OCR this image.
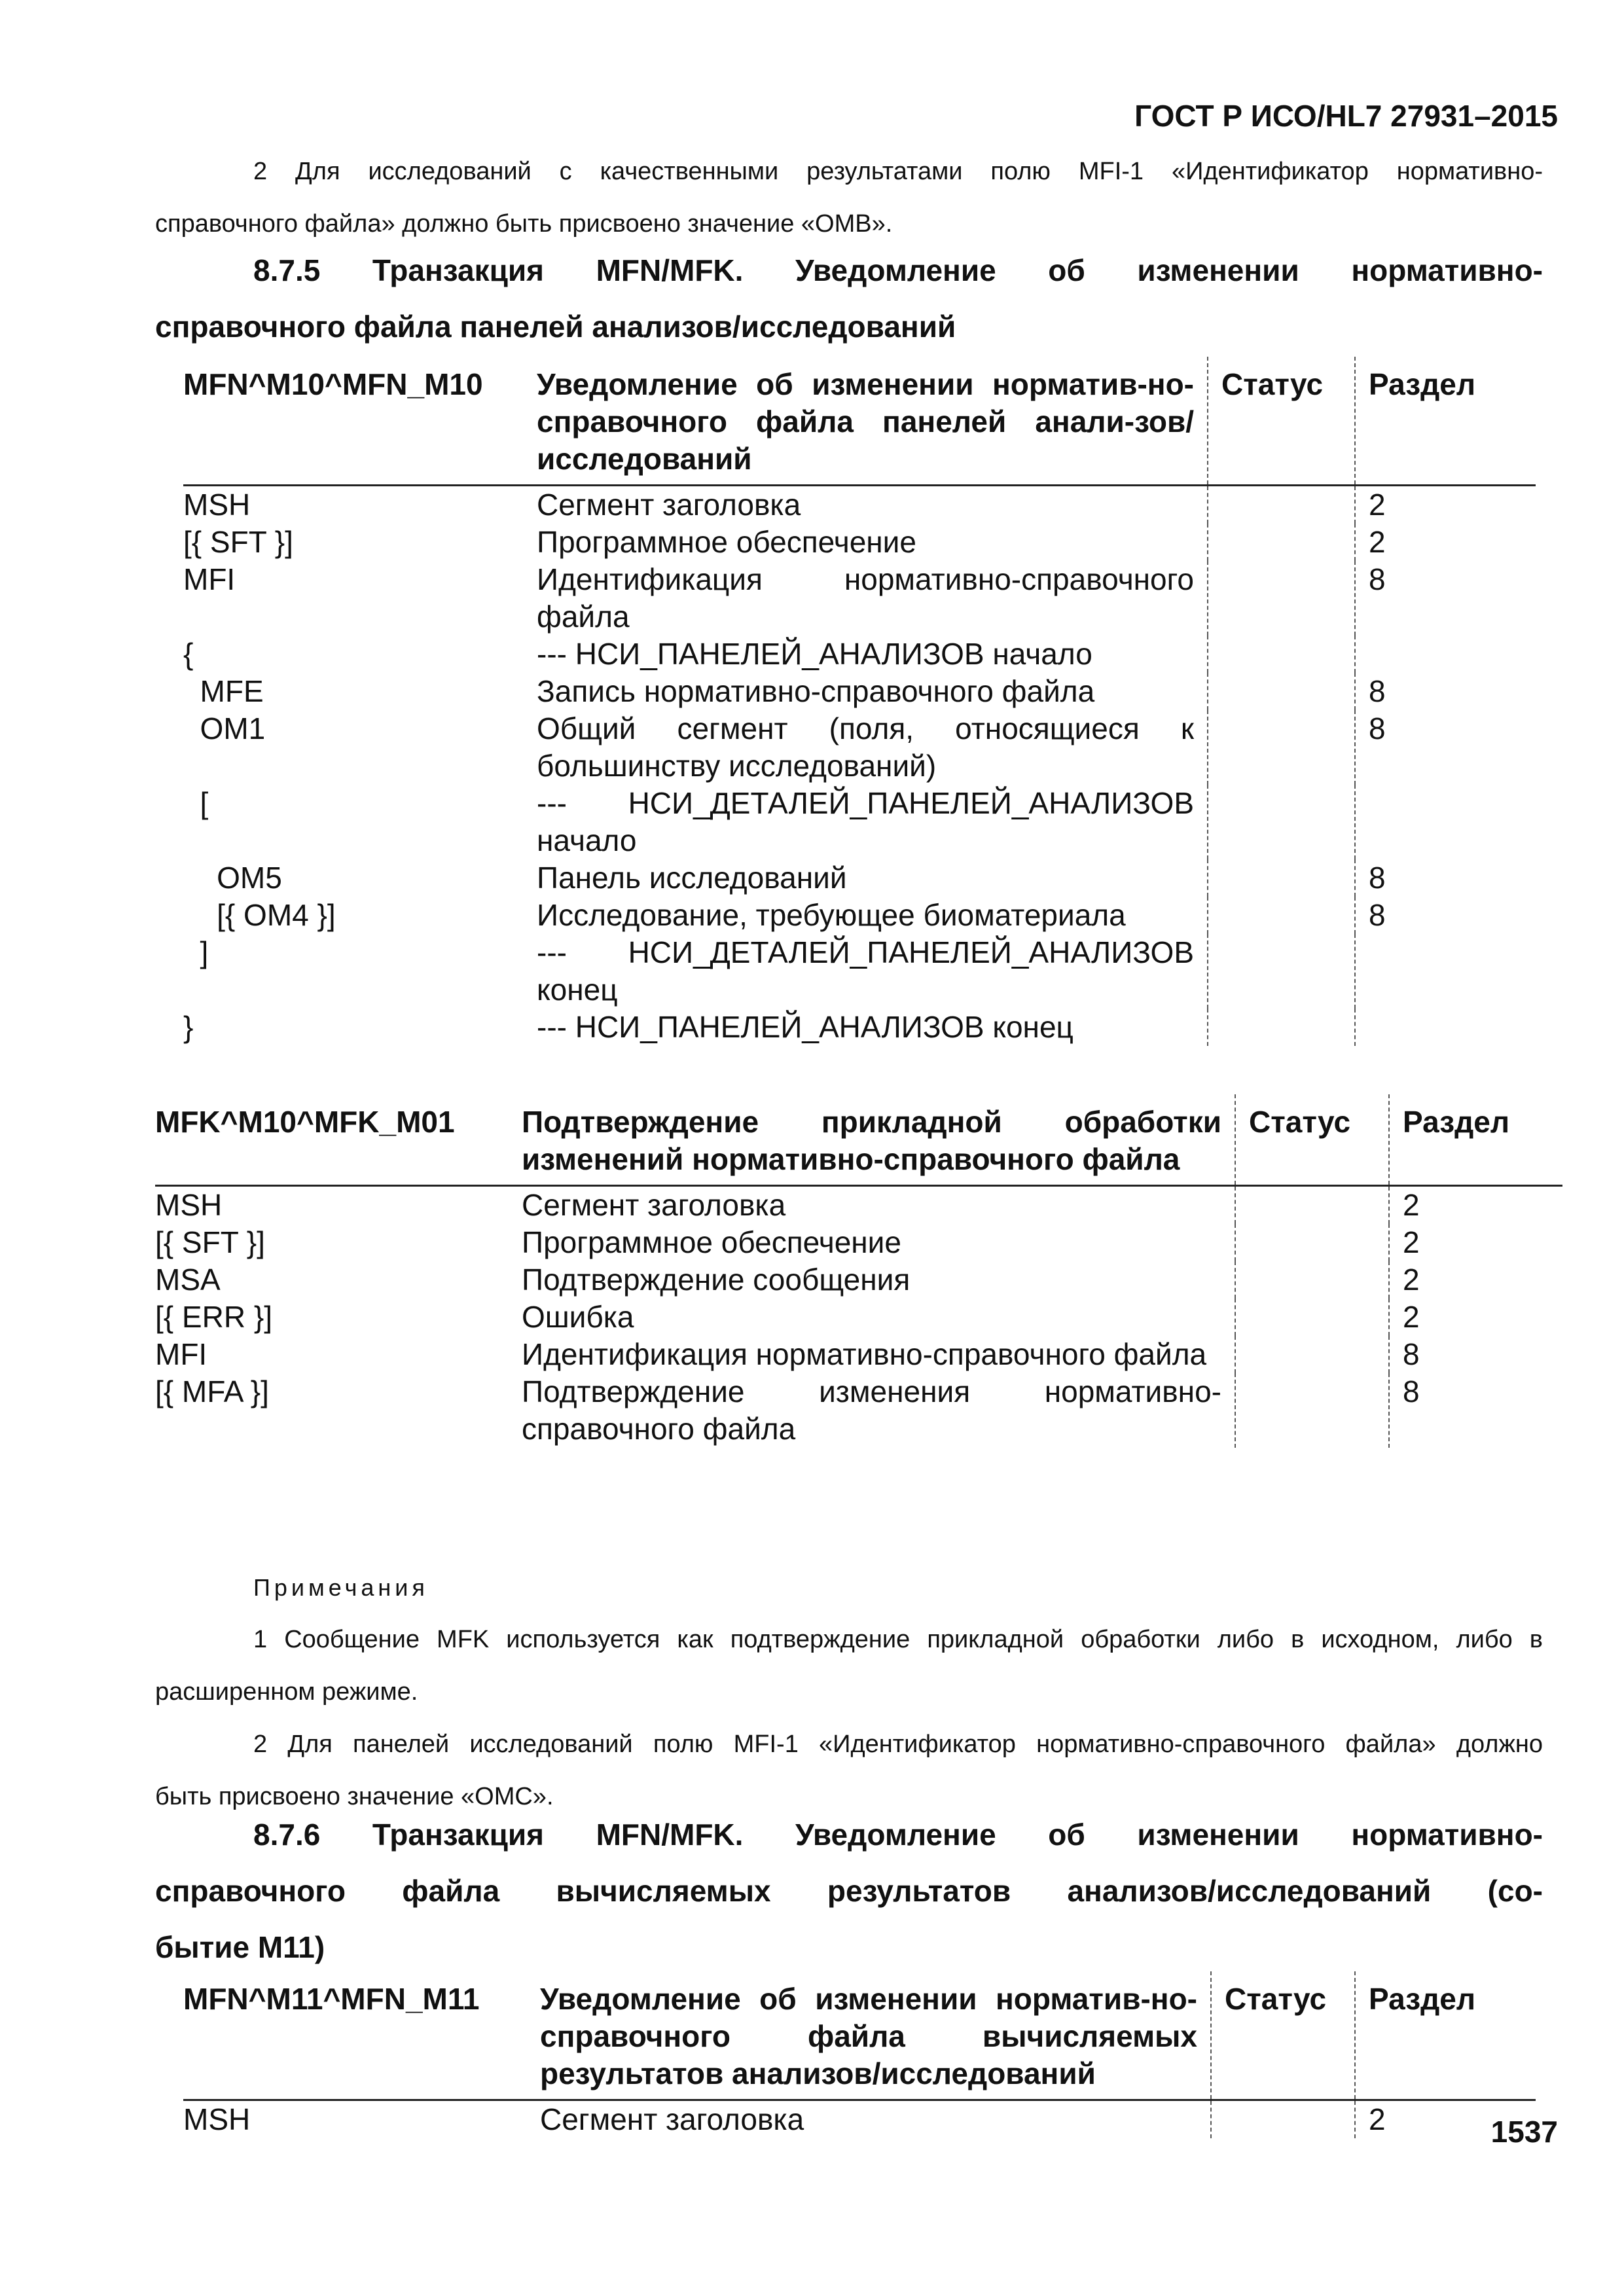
ГОСТ Р ИСО/HL7 27931–2015
2 Для исследований с качественными результатами полю MFI-1 «Идентификатор нормативно-
справочного файла» должно быть присвоено значение «OMB».
8.7.5 Транзакция MFN/MFK. Уведомление об изменении нормативно-
справочного файла панелей анализов/исследований
MFN^M10^MFN_M10	Уведомление об изменении норматив-но-справочного файла панелей анали-зов/исследований	Статус	Раздел
MSH	Сегмент заголовка		2
[{ SFT }]	Программное обеспечение		2
MFI	Идентификация нормативно-справочного файла		8
{	--- НСИ_ПАНЕЛЕЙ_АНАЛИЗОВ начало		
MFE	Запись нормативно-справочного файла		8
OM1	Общий сегмент (поля, относящиеся к большинству исследований)		8
[	--- НСИ_ДЕТАЛЕЙ_ПАНЕЛЕЙ_АНАЛИЗОВ начало		
OM5	Панель исследований		8
[{ OM4 }]	Исследование, требующее биоматериала		8
]	--- НСИ_ДЕТАЛЕЙ_ПАНЕЛЕЙ_АНАЛИЗОВ конец		
}	--- НСИ_ПАНЕЛЕЙ_АНАЛИЗОВ конец		
MFK^M10^MFK_M01	Подтверждение прикладной обработки изменений нормативно-справочного файла	Статус	Раздел
MSH	Сегмент заголовка		2
[{ SFT }]	Программное обеспечение		2
MSA	Подтверждение сообщения		2
[{ ERR }]	Ошибка		2
MFI	Идентификация нормативно-справочного файла		8
[{ MFA }]	Подтверждение изменения нормативно-справочного файла		8
Примечания
1 Сообщение MFK используется как подтверждение прикладной обработки либо в исходном, либо в
расширенном режиме.
2 Для панелей исследований полю MFI-1 «Идентификатор нормативно-справочного файла» должно
быть присвоено значение «OMC».
8.7.6 Транзакция MFN/MFK. Уведомление об изменении нормативно-
справочного файла вычисляемых результатов анализов/исследований (со-
бытие M11)
MFN^M11^MFN_M11	Уведомление об изменении норматив-но-справочного файла вычисляемых результатов анализов/исследований	Статус	Раздел
MSH	Сегмент заголовка		2	1537
